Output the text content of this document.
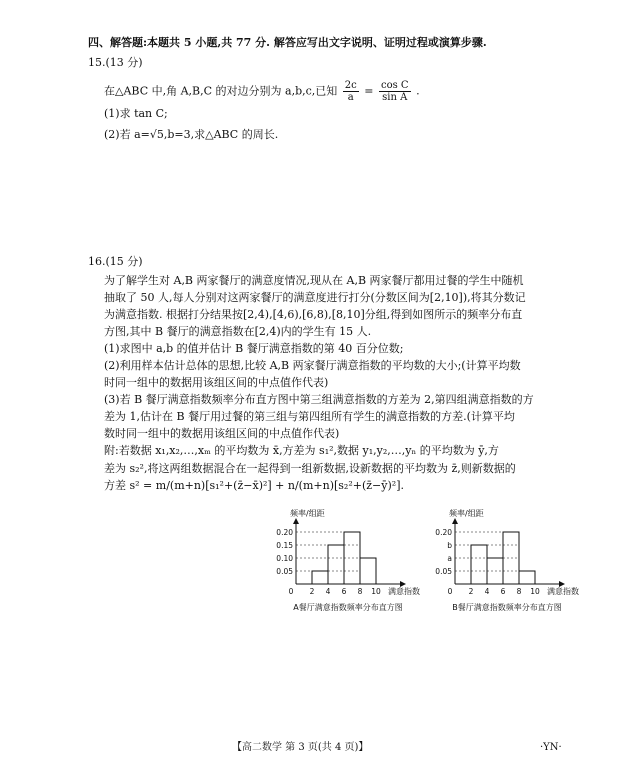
四、解答题:本题共 5 小题,共 77 分. 解答应写出文字说明、证明过程或演算步骤.
15.(13 分)
在△ABC 中,角 A,B,C 的对边分别为 a,b,c,已知 $\frac{2c}{a} = \frac{\text{cos C}}{\text{sin A}}$ .
(1)求 tan C;
(2)若 a=√5,b=3,求△ABC 的周长.
16.(15 分)
为了解学生对 A,B 两家餐厅的满意度情况,现从在 A,B 两家餐厅都用过餐的学生中随机
抽取了 50 人,每人分别对这两家餐厅的满意度进行打分(分数区间为[2,10]),将其分数记
为满意指数. 根据打分结果按[2,4),[4,6),[6,8),[8,10]分组,得到如图所示的频率分布直
方图,其中 B 餐厅的满意指数在[2,4)内的学生有 15 人.
(1)求图中 a,b 的值并估计 B 餐厅满意指数的第 40 百分位数;
(2)利用样本估计总体的思想,比较 A,B 两家餐厅满意指数的平均数的大小;(计算平均数
时同一组中的数据用该组区间的中点值作代表)
(3)若 B 餐厅满意指数频率分布直方图中第三组满意指数的方差为 2,第四组满意指数的方
差为 1,估计在 B 餐厅用过餐的第三组与第四组所有学生的满意指数的方差.(计算平均
数时同一组中的数据用该组区间的中点值作代表)
附:若数据 x₁,x₂,…,xₘ 的平均数为 x̄,方差为 s₁²,数据 y₁,y₂,…,yₙ 的平均数为 ȳ,方
差为 s₂²,将这两组数据混合在一起得到一组新数据,设新数据的平均数为 z̄,则新数据的
方差 s² = m/(m+n)[s₁²+(z̄−x̄)²] + n/(m+n)[s₂²+(z̄−ȳ)²].
频率/组距
0.20
0.15
0.10
0.05
0 2 4 6 8 10 满意指数
A餐厅满意指数频率分布直方图
频率/组距
0.20
b
a
0.05
0 2 4 6 8 10 满意指数
B餐厅满意指数频率分布直方图
【高二数学 第 3 页(共 4 页)】	·YN·
